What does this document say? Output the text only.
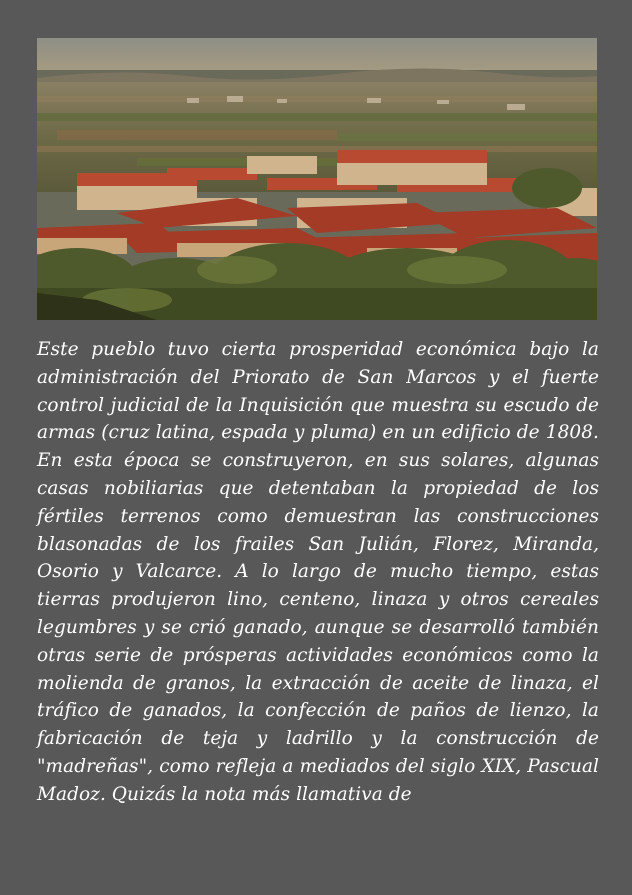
Este pueblo tuvo cierta prosperidad económica bajo la administración del Priorato de San Marcos y el fuerte control judicial de la Inquisición que muestra su escudo de armas (cruz latina, espada y pluma) en un edificio de 1808. En esta época se construyeron, en sus solares, algunas casas nobiliarias que detentaban la propiedad de los fértiles terrenos como demuestran las construcciones blasonadas de los frailes San Julián, Florez, Miranda, Osorio y Valcarce. A lo largo de mucho tiempo, estas tierras produjeron lino, centeno, linaza y otros cereales legumbres y se crió ganado, aunque se desarrolló también otras serie de prósperas actividades económicos como la molienda de granos, la extracción de aceite de linaza, el tráfico de ganados, la confección de paños de lienzo, la fabricación de teja y ladrillo y la construcción de "madreñas", como refleja a mediados del siglo XIX, Pascual Madoz. Quizás la nota más llamativa de
